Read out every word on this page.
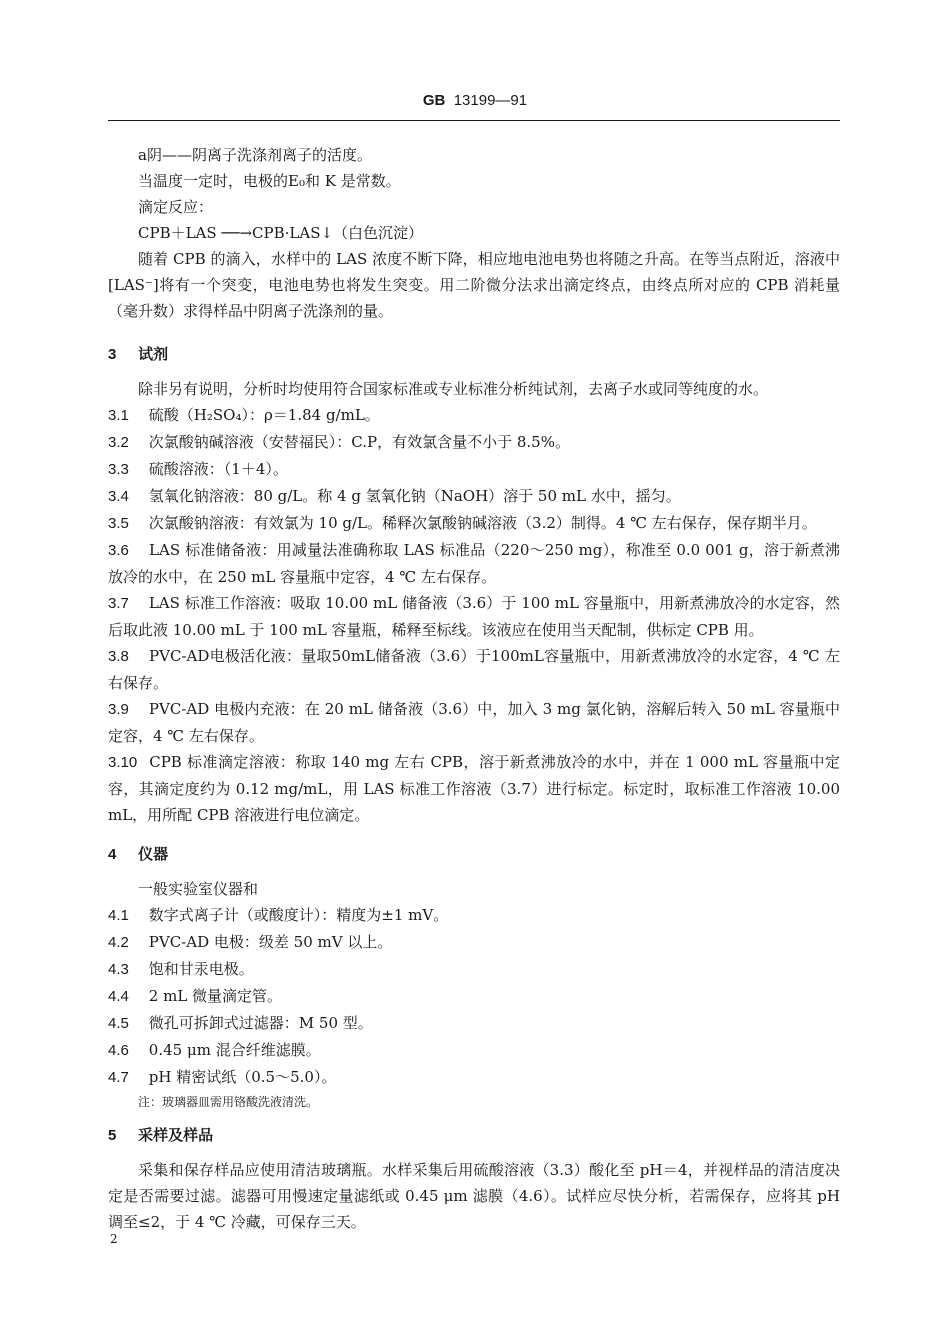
GB 13199—91

a阴——阴离子洗涤剂离子的活度。

当温度一定时，电极的E₀和 K 是常数。

滴定反应：

CPB＋LAS ──→CPB·LAS↓（白色沉淀）

随着 CPB 的滴入，水样中的 LAS 浓度不断下降，相应地电池电势也将随之升高。在等当点附近，溶液中[LAS⁻]将有一个突变，电池电势也将发生突变。用二阶微分法求出滴定终点，由终点所对应的 CPB 消耗量（毫升数）求得样品中阴离子洗涤剂的量。

3 试剂

除非另有说明，分析时均使用符合国家标准或专业标准分析纯试剂，去离子水或同等纯度的水。

3.1 硫酸（H₂SO₄）：ρ＝1.84 g/mL。
3.2 次氯酸钠碱溶液（安替福民）：C.P，有效氯含量不小于 8.5%。
3.3 硫酸溶液：（1＋4）。
3.4 氢氧化钠溶液：80 g/L。称 4 g 氢氧化钠（NaOH）溶于 50 mL 水中，摇匀。
3.5 次氯酸钠溶液：有效氯为 10 g/L。稀释次氯酸钠碱溶液（3.2）制得。4 ℃ 左右保存，保存期半月。
3.6 LAS 标准储备液：用减量法准确称取 LAS 标准品（220～250 mg），称准至 0.0 001 g，溶于新煮沸放冷的水中，在 250 mL 容量瓶中定容，4 ℃ 左右保存。
3.7 LAS 标准工作溶液：吸取 10.00 mL 储备液（3.6）于 100 mL 容量瓶中，用新煮沸放冷的水定容，然后取此液 10.00 mL 于 100 mL 容量瓶，稀释至标线。该液应在使用当天配制，供标定 CPB 用。
3.8 PVC-AD电极活化液：量取50mL储备液（3.6）于100mL容量瓶中，用新煮沸放冷的水定容，4 ℃ 左右保存。
3.9 PVC-AD 电极内充液：在 20 mL 储备液（3.6）中，加入 3 mg 氯化钠，溶解后转入 50 mL 容量瓶中定容，4 ℃ 左右保存。
3.10 CPB 标准滴定溶液：称取 140 mg 左右 CPB，溶于新煮沸放冷的水中，并在 1 000 mL 容量瓶中定容，其滴定度约为 0.12 mg/mL，用 LAS 标准工作溶液（3.7）进行标定。标定时，取标准工作溶液 10.00 mL，用所配 CPB 溶液进行电位滴定。
4 仪器

一般实验室仪器和

4.1 数字式离子计（或酸度计）：精度为±1 mV。
4.2 PVC-AD 电极：级差 50 mV 以上。
4.3 饱和甘汞电极。
4.4 2 mL 微量滴定管。
4.5 微孔可拆卸式过滤器：M 50 型。
4.6 0.45 μm 混合纤维滤膜。
4.7 pH 精密试纸（0.5～5.0）。

注：玻璃器皿需用铬酸洗液清洗。

5 采样及样品

采集和保存样品应使用清洁玻璃瓶。水样采集后用硫酸溶液（3.3）酸化至 pH＝4，并视样品的清洁度决定是否需要过滤。滤器可用慢速定量滤纸或 0.45 μm 滤膜（4.6）。试样应尽快分析，若需保存，应将其 pH 调至≤2，于 4 ℃ 冷藏，可保存三天。

2
